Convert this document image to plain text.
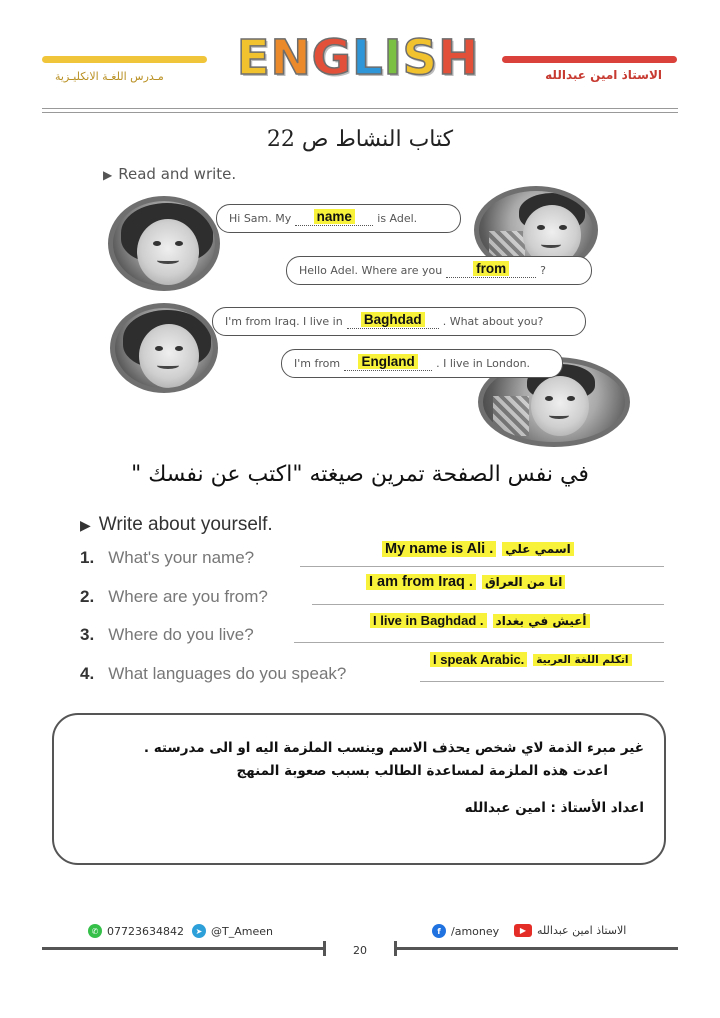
E N G L I S H
مـدرس اللغـة الانكليـزية	الاستاذ امين عبدالله
كتاب النشاط ص 22
▶ Read and write.
Hi Sam. My	name	is Adel.
Hello Adel. Where are you	from	?
I'm from Iraq. I live in	Baghdad	. What about you?
I'm from	England	. I live in London.
في نفس الصفحة تمرين صيغته "اكتب عن نفسك "
▶ Write about yourself.
1. What's your name?	My name is Ali . اسمي علي
2. Where are you from?
I am from Iraq . انا من العراق
3. Where do you live?
I live in Baghdad . أعيش في بغداد
4. What languages do you speak?
I speak Arabic. اتكلم اللغة العربية

غير مبرء الذمة لاي شخص يحذف الاسم وينسب الملزمة اليه او الى مدرسته .

اعدت هذه الملزمة لمساعدة الطالب بسبب صعوبة المنهج

اعداد الأستاذ : امين عبدالله

✆ 07723634842	➤ @T_Ameen	f /amoney	▶ الاستاذ امين عبدالله
20
